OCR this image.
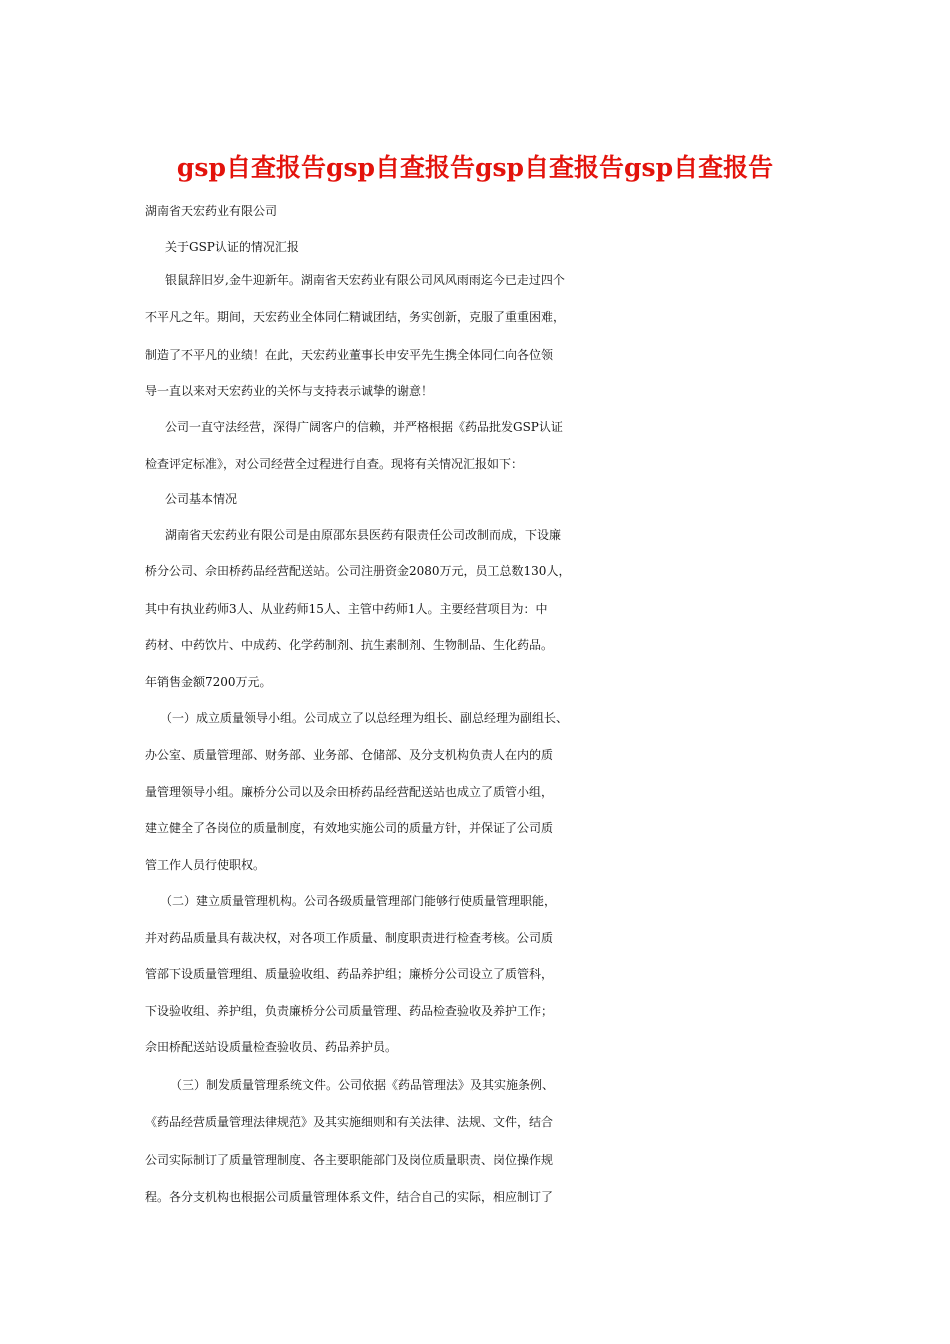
gsp自查报告gsp自查报告gsp自查报告gsp自查报告

湖南省天宏药业有限公司

关于GSP认证的情况汇报

银鼠辞旧岁,金牛迎新年。湖南省天宏药业有限公司风风雨雨迄今已走过四个

不平凡之年。期间，天宏药业全体同仁精诚团结，务实创新，克服了重重困难，

制造了不平凡的业绩！在此，天宏药业董事长申安平先生携全体同仁向各位领

导一直以来对天宏药业的关怀与支持表示诚挚的谢意！

公司一直守法经营，深得广阔客户的信赖，并严格根据《药品批发GSP认证

检查评定标准》，对公司经营全过程进行自查。现将有关情况汇报如下：

公司基本情况

湖南省天宏药业有限公司是由原邵东县医药有限责任公司改制而成，下设廉

桥分公司、佘田桥药品经营配送站。公司注册资金2080万元，员工总数130人，

其中有执业药师3人、从业药师15人、主管中药师1人。主要经营项目为：中

药材、中药饮片、中成药、化学药制剂、抗生素制剂、生物制品、生化药品。

年销售金额7200万元。

（一）成立质量领导小组。公司成立了以总经理为组长、副总经理为副组长、

办公室、质量管理部、财务部、业务部、仓储部、及分支机构负责人在内的质

量管理领导小组。廉桥分公司以及佘田桥药品经营配送站也成立了质管小组，

建立健全了各岗位的质量制度，有效地实施公司的质量方针，并保证了公司质

管工作人员行使职权。

（二）建立质量管理机构。公司各级质量管理部门能够行使质量管理职能，

并对药品质量具有裁决权，对各项工作质量、制度职责进行检查考核。公司质

管部下设质量管理组、质量验收组、药品养护组；廉桥分公司设立了质管科，

下设验收组、养护组，负责廉桥分公司质量管理、药品检查验收及养护工作；

佘田桥配送站设质量检查验收员、药品养护员。

（三）制发质量管理系统文件。公司依据《药品管理法》及其实施条例、

《药品经营质量管理法律规范》及其实施细则和有关法律、法规、文件，结合

公司实际制订了质量管理制度、各主要职能部门及岗位质量职责、岗位操作规

程。各分支机构也根据公司质量管理体系文件，结合自己的实际，相应制订了
